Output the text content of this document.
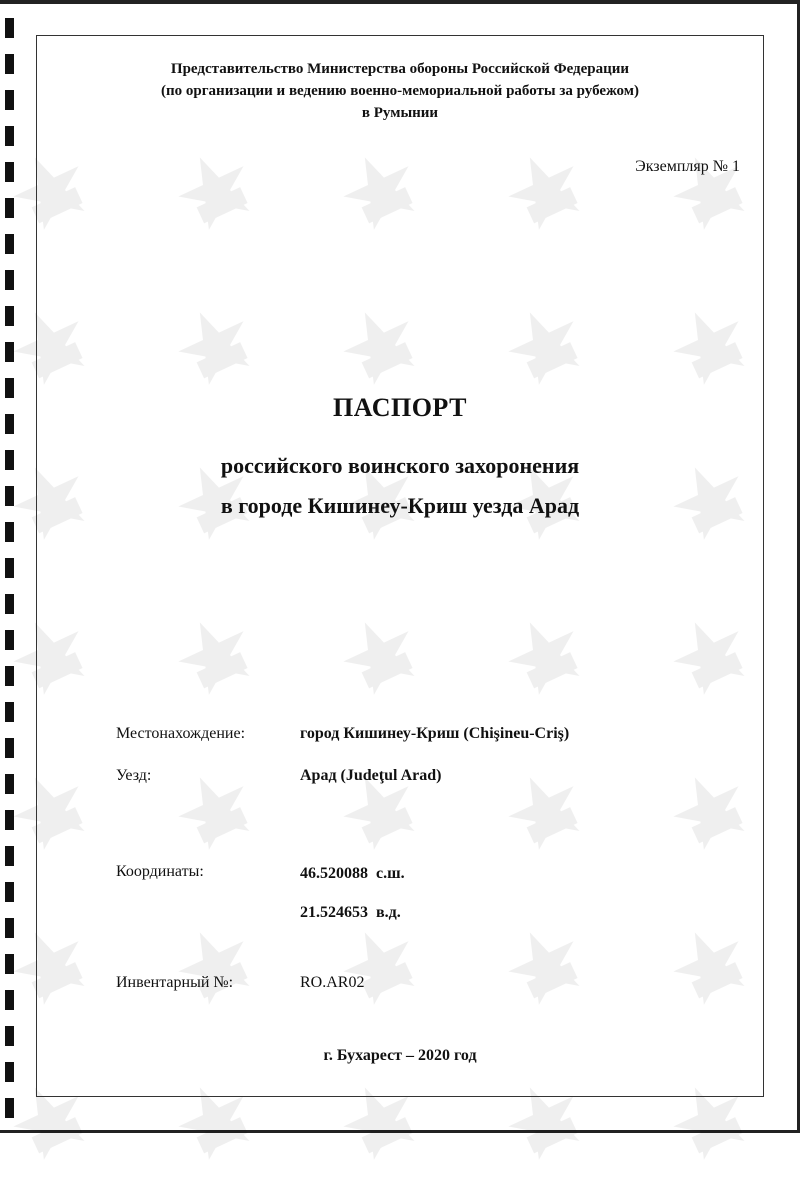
Представительство Министерства обороны Российской Федерации
(по организации и ведению военно-мемориальной работы за рубежом)
в Румынии
Экземпляр № 1
ПАСПОРТ
российского воинского захоронения
в городе Кишинеу-Криш уезда Арад
Местонахождение:	город Кишинеу-Криш (Chişineu-Criş)
Уезд:	Арад (Judeţul Arad)
Координаты:	46.520088  с.ш.
21.524653  в.д.
Инвентарный №:	RO.AR02
г. Бухарест – 2020 год
